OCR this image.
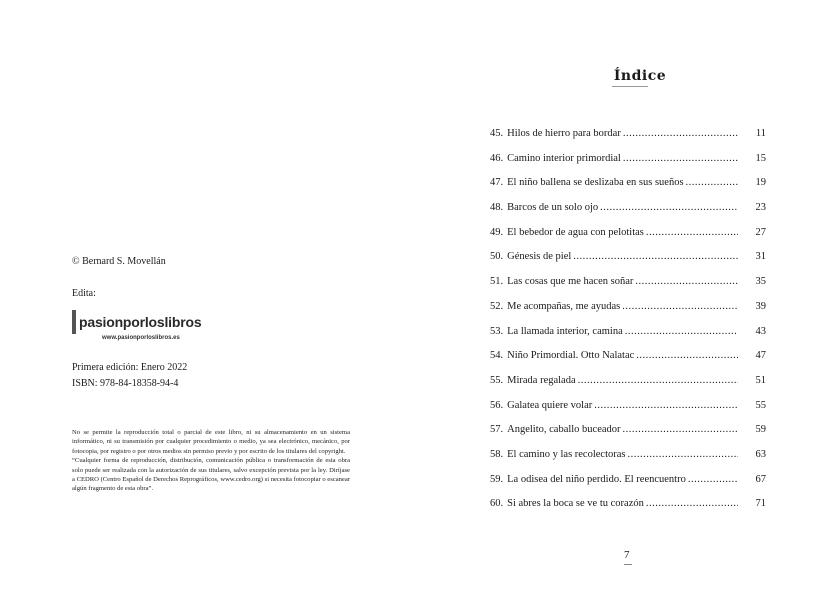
© Bernard S. Movellán
Edita:
pasionporloslibros
www.pasionporloslibros.es
Primera edición: Enero 2022
ISBN: 978-84-18358-94-4

No se permite la reproducción total o parcial de este libro, ni su almacenamiento en un sistema informático, ni su transmisión por cualquier procedimiento o medio, ya sea electrónico, mecánico, por fotocopia, por registro o por otros medios sin permiso previo y por escrito de los titulares del copyright.

“Cualquier forma de reproducción, distribución, comunicación pública o transformación de esta obra solo puede ser realizada con la autorización de sus titulares, salvo excepción prevista por la ley. Diríjase a CEDRO (Centro Español de Derechos Reprográficos, www.cedro.org) si necesita fotocopiar o escanear algún fragmento de esta obra”.

Índice
45. Hilos de hierro para bordar .....	11
46. Camino interior primordial .....	15
47. El niño ballena se deslizaba en sus sueños .....	19
48. Barcos de un solo ojo .....	23
49. El bebedor de agua con pelotitas .....	27
50. Génesis de piel .....	31
51. Las cosas que me hacen soñar .....	35
52. Me acompañas, me ayudas .....	39
53. La llamada interior, camina .....	43
54. Niño Primordial. Otto Nalatac .....	47
55. Mirada regalada .....	51
56. Galatea quiere volar .....	55
57. Angelito, caballo buceador .....	59
58. El camino y las recolectoras .....	63
59. La odisea del niño perdido. El reencuentro .....	67
60. Si abres la boca se ve tu corazón .....	71
7
